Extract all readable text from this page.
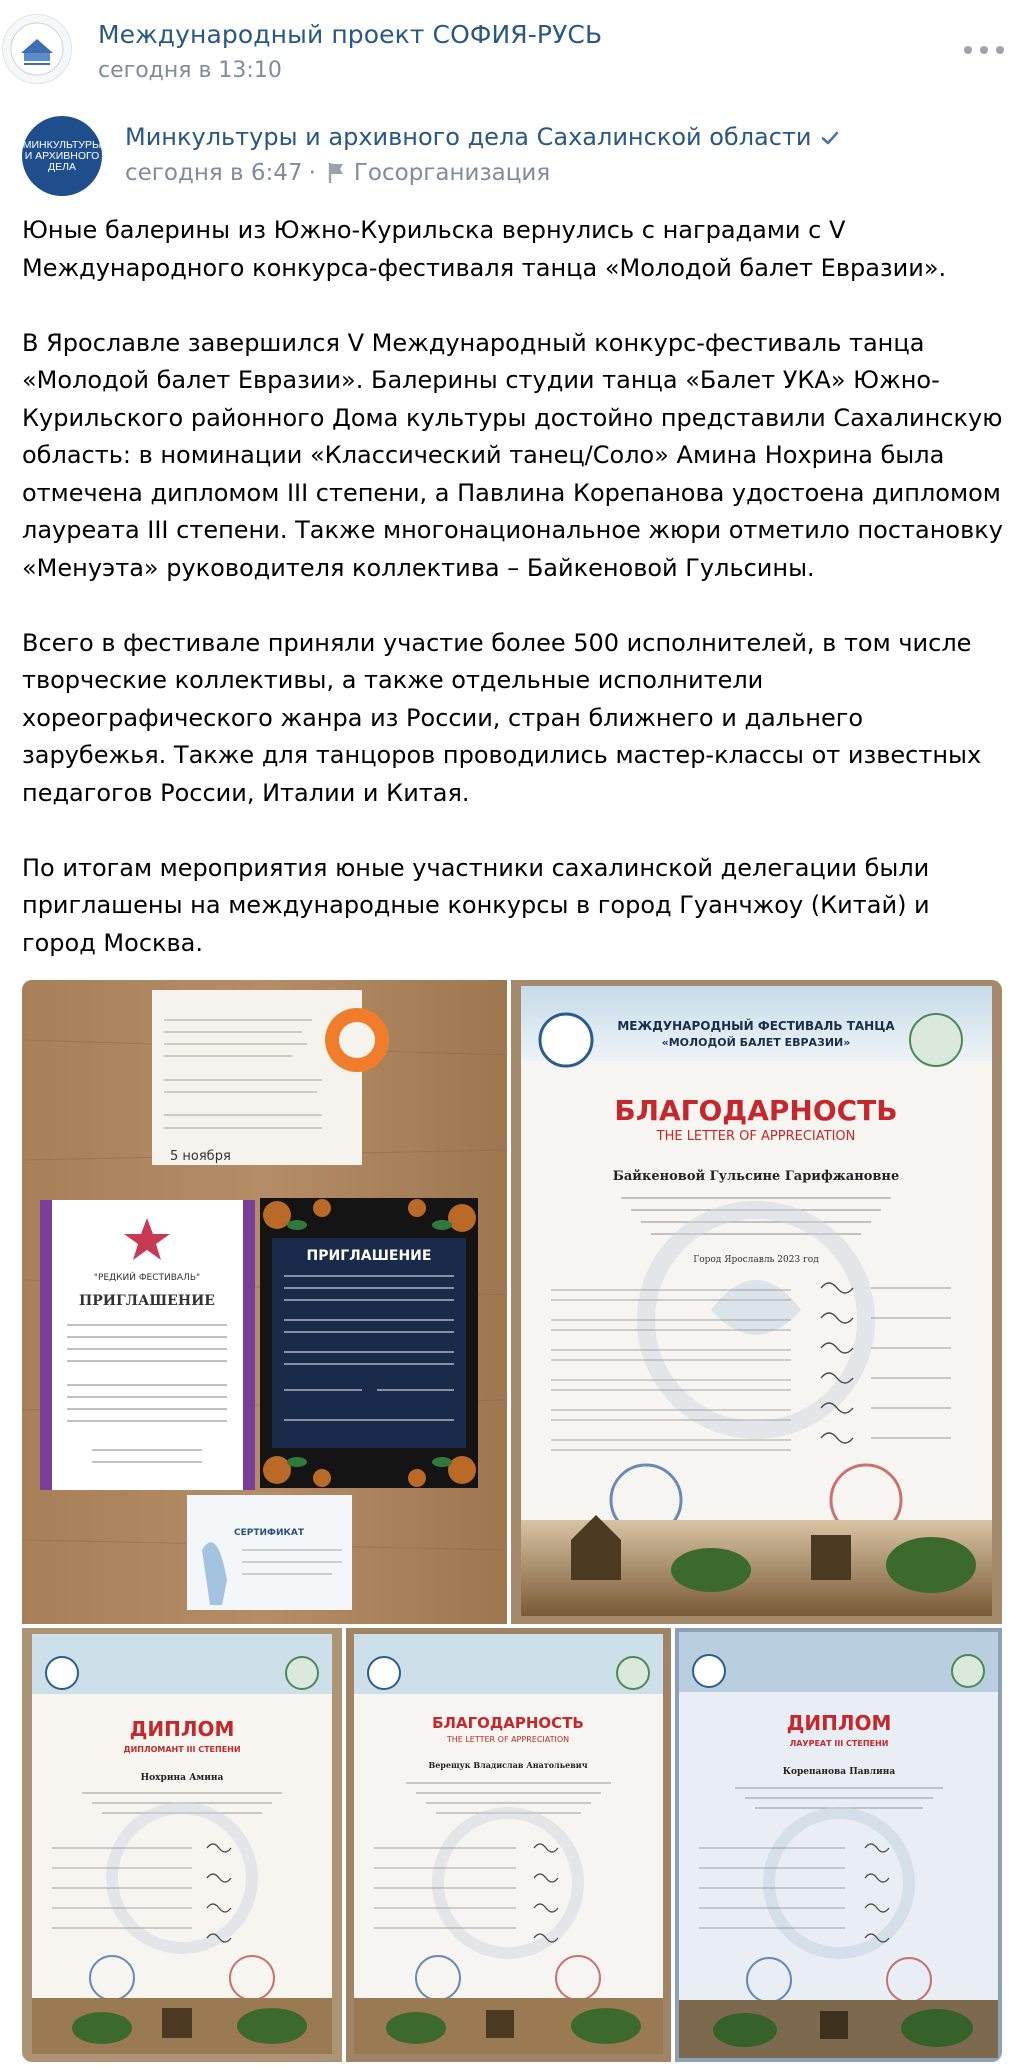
Международный проект СОФИЯ-РУСЬ
сегодня в 13:10
МИНКУЛЬТУРЫ И АРХИВНОГО ДЕЛА
Минкультуры и архивного дела Сахалинской области
сегодня в 6:47 · Госорганизация

Юные балерины из Южно-Курильска вернулись с наградами с V Международного конкурса-фестиваля танца «Молодой балет Евразии».

В Ярославле завершился V Международный конкурс-фестиваль танца «Молодой балет Евразии». Балерины студии танца «Балет УКА» Южно-Курильского районного Дома культуры достойно представили Сахалинскую область: в номинации «Классический танец/Соло» Амина Нохрина была отмечена дипломом III степени, а Павлина Корепанова удостоена дипломом лауреата III степени. Также многонациональное жюри отметило постановку «Менуэта» руководителя коллектива – Байкеновой Гульсины.

Всего в фестивале приняли участие более 500 исполнителей, в том числе творческие коллективы, а также отдельные исполнители хореографического жанра из России, стран ближнего и дальнего зарубежья. Также для танцоров проводились мастер-классы от известных педагогов России, Италии и Китая.

По итогам мероприятия юные участники сахалинской делегации были приглашены на международные конкурсы в город Гуанчжоу (Китай) и город Москва.

5 ноября
"РЕДКИЙ ФЕСТИВАЛЬ"
ПРИГЛАШЕНИЕ
ПРИГЛАШЕНИЕ
СЕРТИФИКАТ
МЕЖДУНАРОДНЫЙ ФЕСТИВАЛЬ ТАНЦА
«МОЛОДОЙ БАЛЕТ ЕВРАЗИИ»
БЛАГОДАРНОСТЬ
THE LETTER OF APPRECIATION
Байкеновой Гульсине Гарифжановне
Город Ярославль 2023 год
ДИПЛОМ
ДИПЛОМАНТ III СТЕПЕНИ
Нохрина Амина
БЛАГОДАРНОСТЬ
THE LETTER OF APPRECIATION
Верещук Владислав Анатольевич
ДИПЛОМ
ЛАУРЕАТ III СТЕПЕНИ
Корепанова Павлина
